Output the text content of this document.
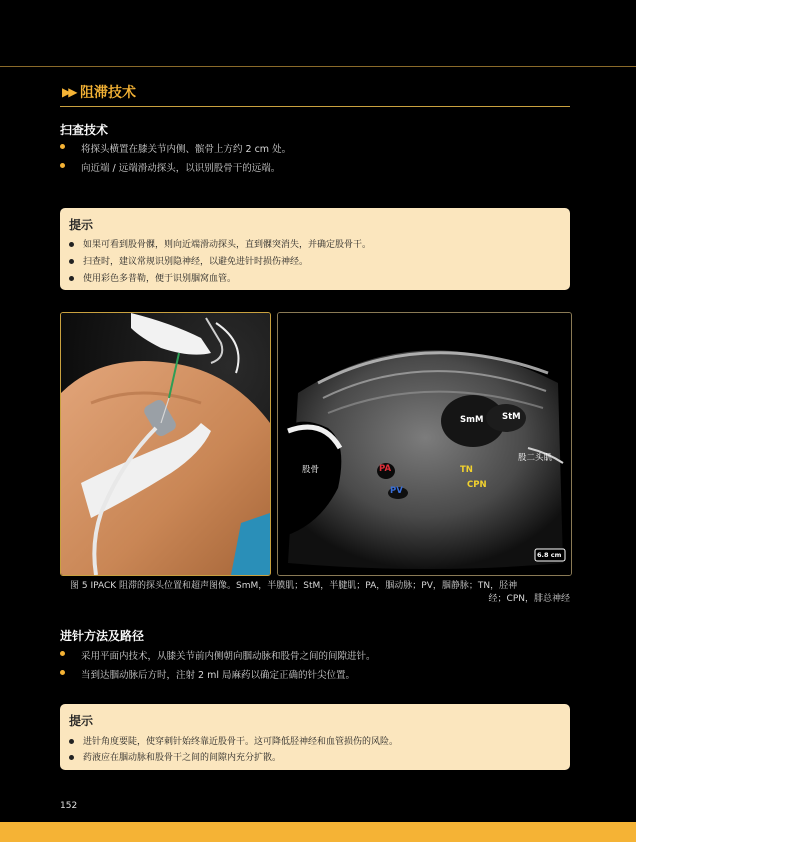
▶▶ 阻滞技术
扫查技术
将探头横置在膝关节内侧、髌骨上方约 2 cm 处。
向近端 / 远端滑动探头，以识别股骨干的远端。
提示
如果可看到股骨髁，则向近端滑动探头，直到髁突消失，并确定股骨干。
扫查时，建议常规识别隐神经，以避免进针时损伤神经。
使用彩色多普勒，便于识别腘窝血管。
SmM StM
股骨
股二头肌
PA
PV
TN
CPN
6.8 cm
图 5 IPACK 阻滞的探头位置和超声图像。SmM，半膜肌；StM，半腱肌；PA，腘动脉；PV，腘静脉；TN，胫神
经；CPN，腓总神经
进针方法及路径
采用平面内技术，从膝关节前内侧朝向腘动脉和股骨之间的间隙进针。
当到达腘动脉后方时，注射 2 ml 局麻药以确定正确的针尖位置。
提示
进针角度要陡，使穿刺针始终靠近股骨干。这可降低胫神经和血管损伤的风险。
药液应在腘动脉和股骨干之间的间隙内充分扩散。
152
